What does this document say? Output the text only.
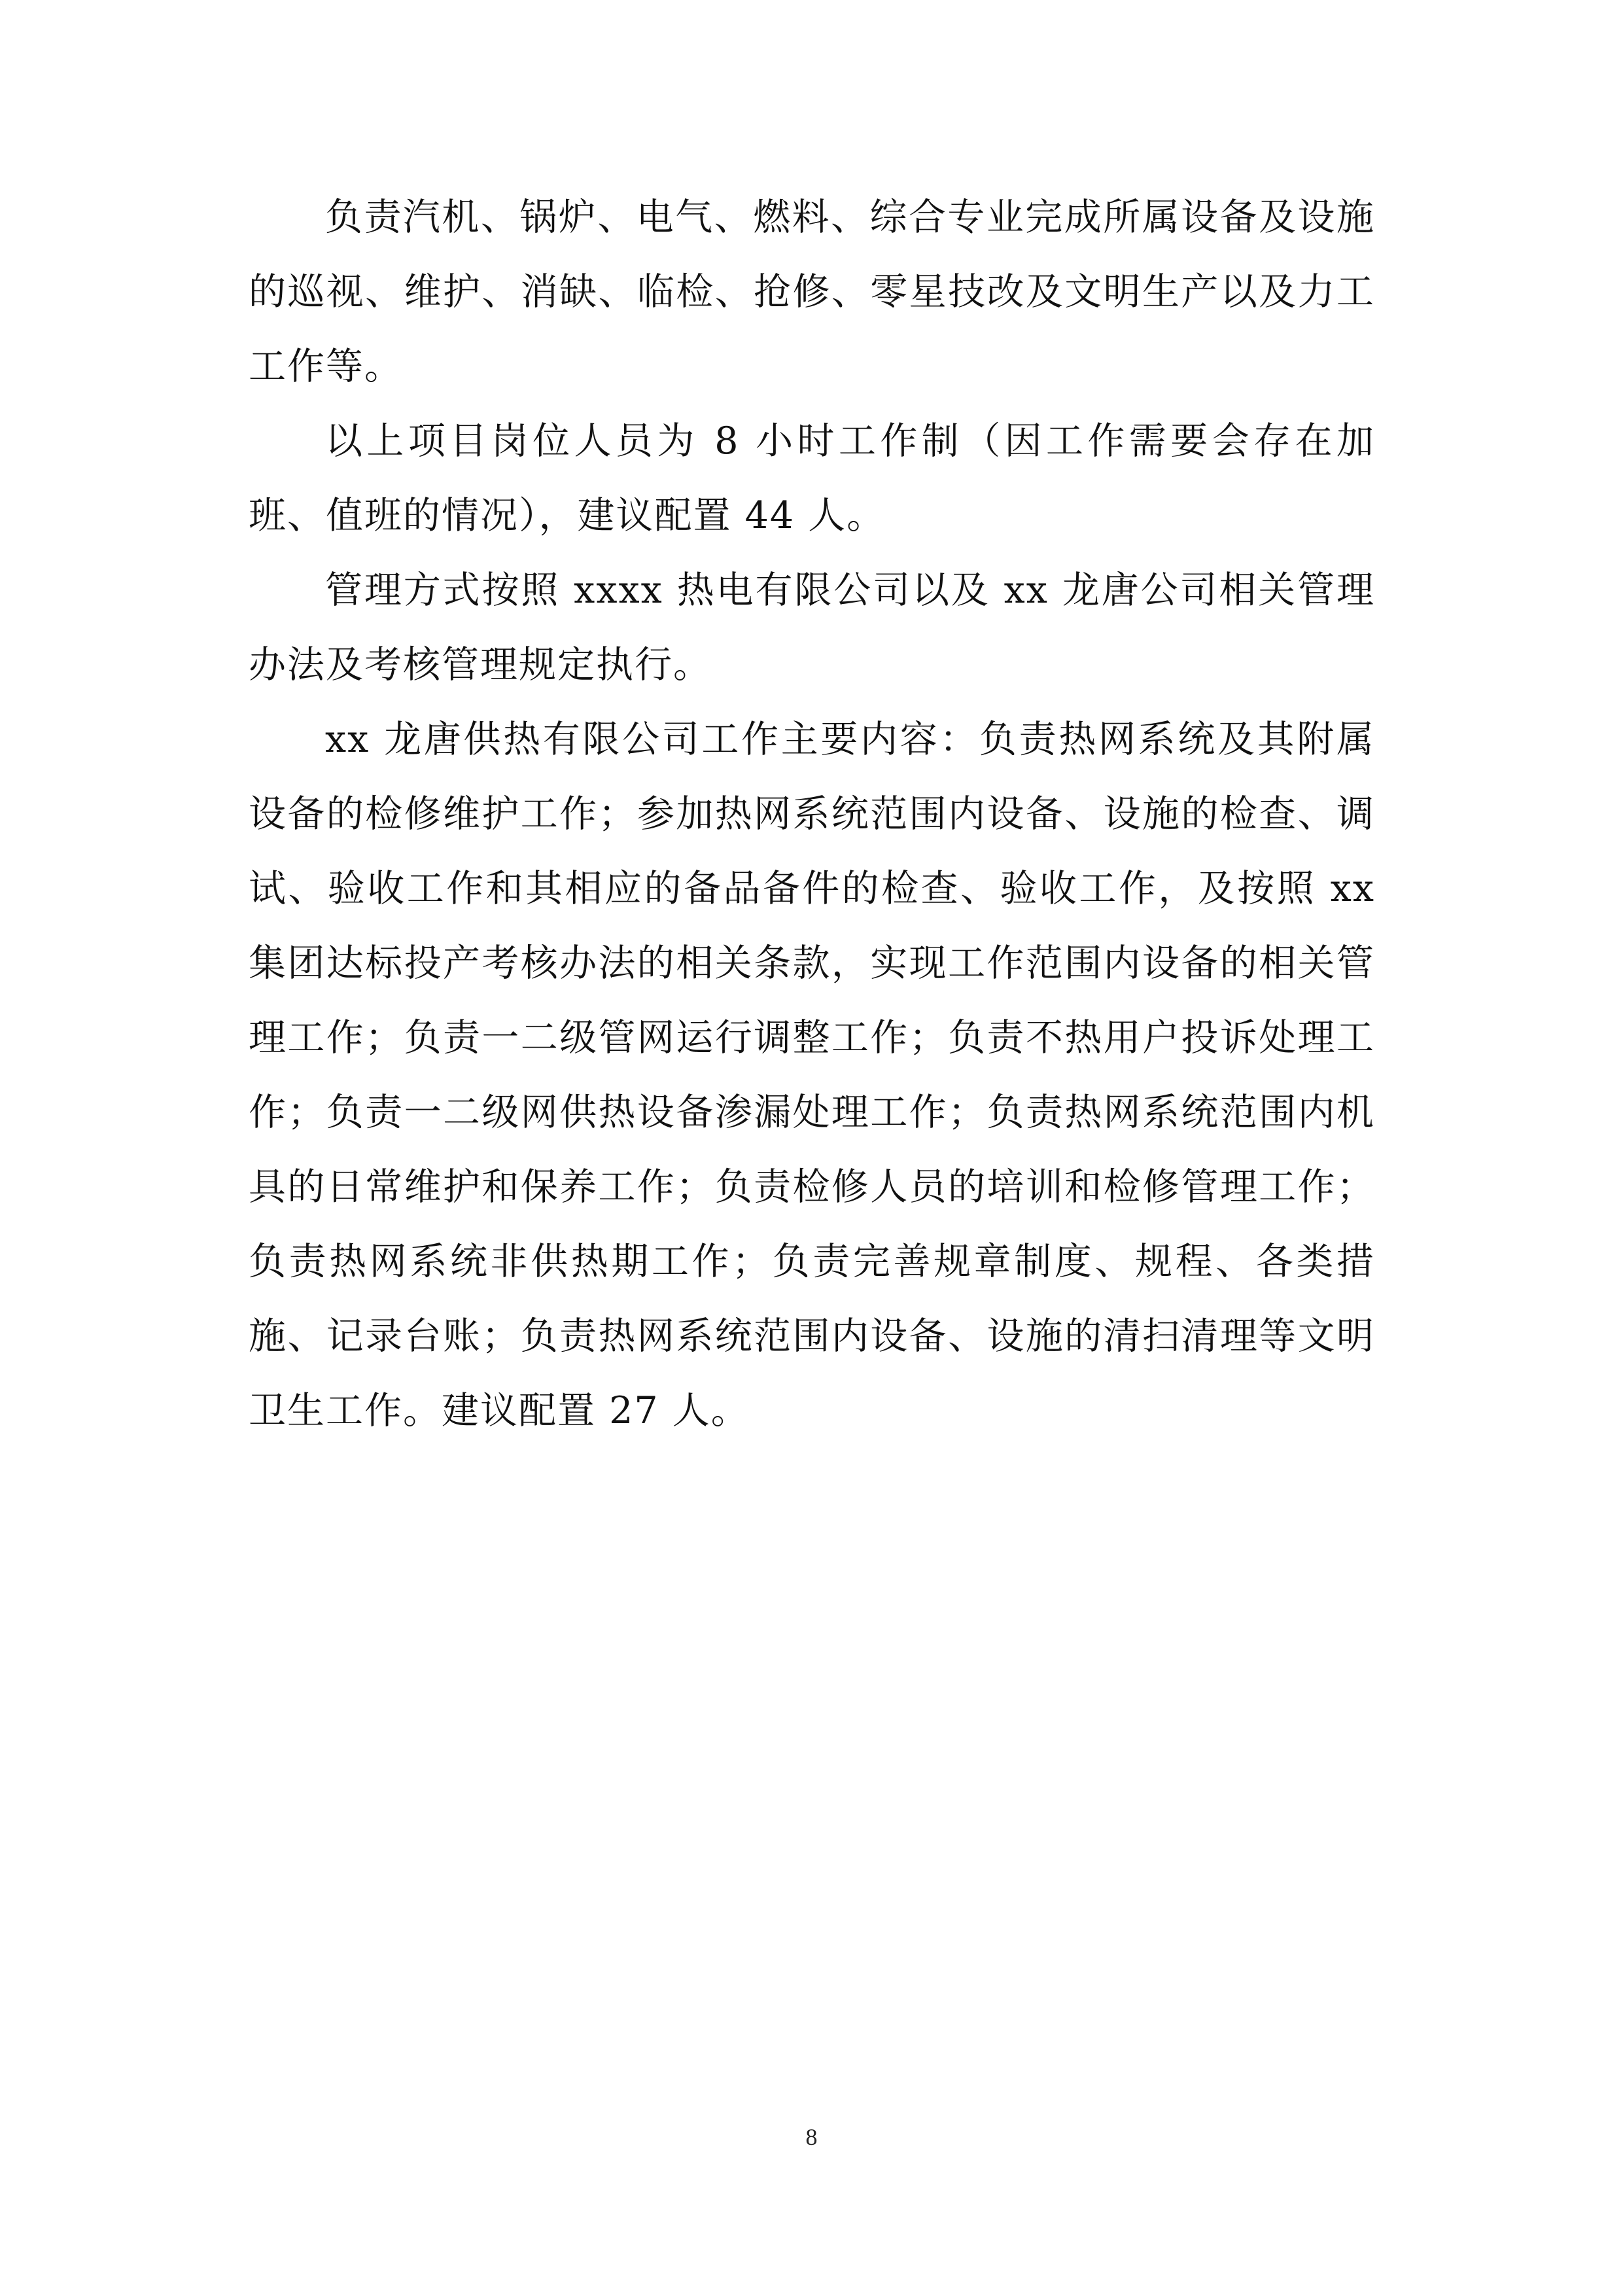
负责汽机、锅炉、电气、燃料、综合专业完成所属设备及设施的巡视、维护、消缺、临检、抢修、零星技改及文明生产以及力工工作等。

以上项目岗位人员为 8 小时工作制（因工作需要会存在加班、值班的情况），建议配置 44 人。

管理方式按照 xxxx 热电有限公司以及 xx 龙唐公司相关管理办法及考核管理规定执行。

xx 龙唐供热有限公司工作主要内容：负责热网系统及其附属设备的检修维护工作；参加热网系统范围内设备、设施的检查、调试、验收工作和其相应的备品备件的检查、验收工作，及按照 xx 集团达标投产考核办法的相关条款，实现工作范围内设备的相关管理工作；负责一二级管网运行调整工作；负责不热用户投诉处理工作；负责一二级网供热设备渗漏处理工作；负责热网系统范围内机具的日常维护和保养工作；负责检修人员的培训和检修管理工作；负责热网系统非供热期工作；负责完善规章制度、规程、各类措施、记录台账；负责热网系统范围内设备、设施的清扫清理等文明卫生工作。建议配置 27 人。

8
